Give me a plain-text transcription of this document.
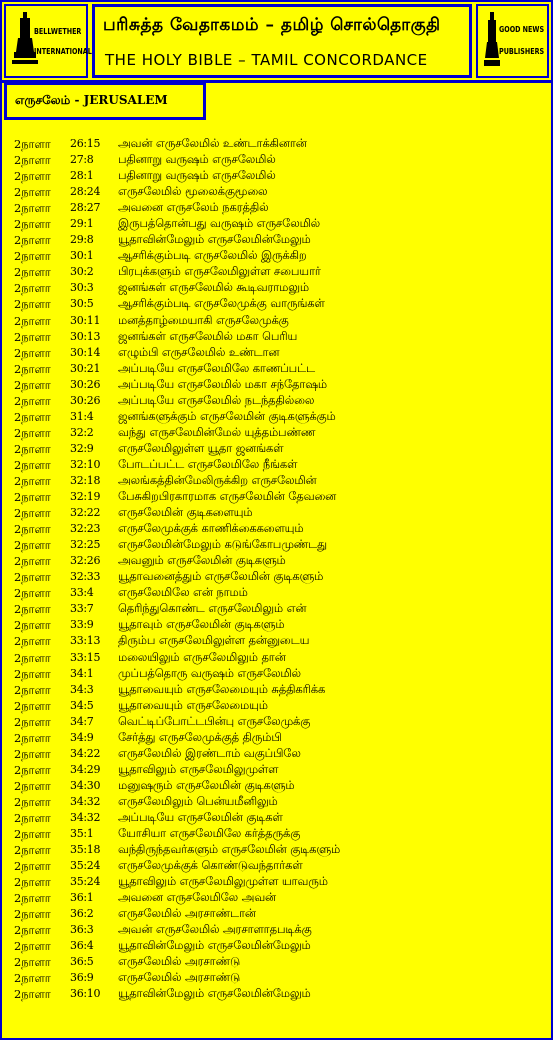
BELLWETHER
INTERNATIONAL
பரிசுத்த வேதாகமம் – தமிழ் சொல்தொகுதி
THE HOLY BIBLE – TAMIL CONCORDANCE
GOOD NEWS
PUBLISHERS
எருசலேம் - JERUSALEM
2நாளா 26:15 அவன் எருசலேமில் உண்டாக்கினான்
2நாளா 27:8 பதினாறு வருஷம் எருசலேமில்
2நாளா 28:1 பதினாறு வருஷம் எருசலேமில்
2நாளா 28:24 எருசலேமில் மூலைக்குமூலை
2நாளா 28:27 அவனை எருசலேம் நகரத்தில்
2நாளா 29:1 இருபத்தொன்பது வருஷம் எருசலேமில்
2நாளா 29:8 யூதாவின்மேலும் எருசலேமின்மேலும்
2நாளா 30:1 ஆசரிக்கும்படி எருசலேமில் இருக்கிற
2நாளா 30:2 பிரபுக்களும் எருசலேமிலுள்ள சபையார்
2நாளா 30:3 ஜனங்கள் எருசலேமில் கூடிவராமலும்
2நாளா 30:5 ஆசரிக்கும்படி எருசலேமுக்கு வாருங்கள்
2நாளா 30:11 மனத்தாழ்மையாகி எருசலேமுக்கு
2நாளா 30:13 ஜனங்கள் எருசலேமில் மகா பெரிய
2நாளா 30:14 எழும்பி எருசலேமில் உண்டான
2நாளா 30:21 அப்படியே எருசலேமிலே காணப்பட்ட
2நாளா 30:26 அப்படியே எருசலேமில் மகா சந்தோஷம்
2நாளா 30:26 அப்படியே எருசலேமில் நடந்ததில்லை
2நாளா 31:4 ஜனங்களுக்கும் எருசலேமின் குடிகளுக்கும்
2நாளா 32:2 வந்து எருசலேமின்மேல் யுத்தம்பண்ண
2நாளா 32:9 எருசலேமிலுள்ள யூதா ஜனங்கள்
2நாளா 32:10 போடப்பட்ட எருசலேமிலே நீங்கள்
2நாளா 32:18 அலங்கத்தின்மேலிருக்கிற எருசலேமின்
2நாளா 32:19 பேசுகிறபிரகாரமாக எருசலேமின் தேவனை
2நாளா 32:22 எருசலேமின் குடிகளையும்
2நாளா 32:23 எருசலேமுக்குக் காணிக்கைகளையும்
2நாளா 32:25 எருசலேமின்மேலும் கடுங்கோபமுண்டது
2நாளா 32:26 அவனும் எருசலேமின் குடிகளும்
2நாளா 32:33 யூதாவனைத்தும் எருசலேமின் குடிகளும்
2நாளா 33:4 எருசலேமிலே என் நாமம்
2நாளா 33:7 தெரிந்துகொண்ட எருசலேமிலும் என்
2நாளா 33:9 யூதாவும் எருசலேமின் குடிகளும்
2நாளா 33:13 திரும்ப எருசலேமிலுள்ள தன்னுடைய
2நாளா 33:15 மலையிலும் எருசலேமிலும் தான்
2நாளா 34:1 முப்பத்தொரு வருஷம் எருசலேமில்
2நாளா 34:3 யூதாவையும் எருசலேமையும் சுத்திகரிக்க
2நாளா 34:5 யூதாவையும் எருசலேமையும்
2நாளா 34:7 வெட்டிப்போட்டபின்பு எருசலேமுக்கு
2நாளா 34:9 சேர்த்து எருசலேமுக்குத் திரும்பி
2நாளா 34:22 எருசலேமில் இரண்டாம் வகுப்பிலே
2நாளா 34:29 யூதாவிலும் எருசலேமிலுமுள்ள
2நாளா 34:30 மனுஷரும் எருசலேமின் குடிகளும்
2நாளா 34:32 எருசலேமிலும் பென்யமீனிலும்
2நாளா 34:32 அப்படியே எருசலேமின் குடிகள்
2நாளா 35:1 யோசியா எருசலேமிலே கர்த்தருக்கு
2நாளா 35:18 வந்திருந்தவர்களும் எருசலேமின் குடிகளும்
2நாளா 35:24 எருசலேமுக்குக் கொண்டுவந்தார்கள்
2நாளா 35:24 யூதாவிலும் எருசலேமிலுமுள்ள யாவரும்
2நாளா 36:1 அவனை எருசலேமிலே அவன்
2நாளா 36:2 எருசலேமில் அரசாண்டான்
2நாளா 36:3 அவன் எருசலேமில் அரசாளாதபடிக்கு
2நாளா 36:4 யூதாவின்மேலும் எருசலேமின்மேலும்
2நாளா 36:5 எருசலேமில் அரசாண்டு
2நாளா 36:9 எருசலேமில் அரசாண்டு
2நாளா 36:10 யூதாவின்மேலும் எருசலேமின்மேலும்
